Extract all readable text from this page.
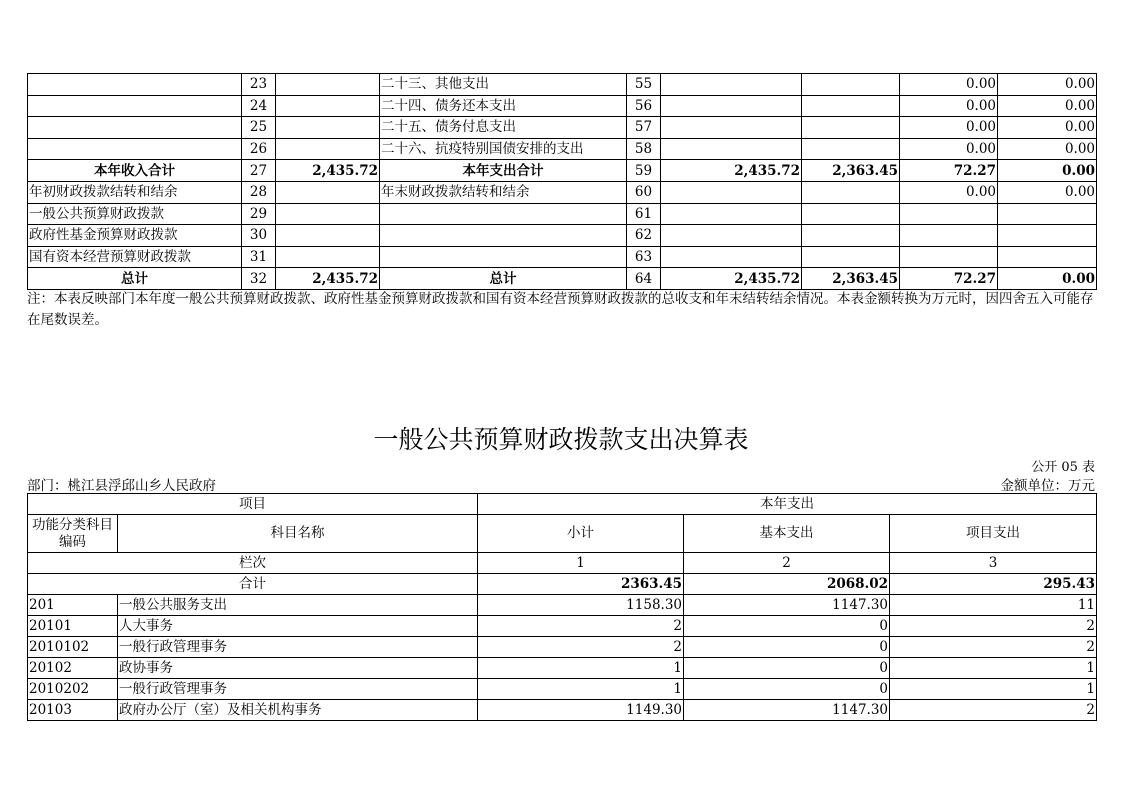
	23		二十三、其他支出	55			0.00	0.00
	24		二十四、债务还本支出	56			0.00	0.00
	25		二十五、债务付息支出	57			0.00	0.00
	26		二十六、抗疫特别国债安排的支出	58			0.00	0.00
本年收入合计	27	2,435.72	本年支出合计	59	2,435.72	2,363.45	72.27	0.00
年初财政拨款结转和结余	28		年末财政拨款结转和结余	60			0.00	0.00
一般公共预算财政拨款	29			61				
政府性基金预算财政拨款	30			62				
国有资本经营预算财政拨款	31			63				
总计	32	2,435.72	总计	64	2,435.72	2,363.45	72.27	0.00
注：本表反映部门本年度一般公共预算财政拨款、政府性基金预算财政拨款和国有资本经营预算财政拨款的总收支和年末结转结余情况。本表金额转换为万元时，因四舍五入可能存在尾数误差。
一般公共预算财政拨款支出决算表
公开 05 表
部门：桃江县浮邱山乡人民政府	金额单位：万元
项目		本年支出		
功能分类科目编码	科目名称	小计	基本支出	项目支出
栏次		1	2	3
合计		2363.45	2068.02	295.43
201	一般公共服务支出	1158.30	1147.30	11
20101	人大事务	2	0	2
2010102	一般行政管理事务	2	0	2
20102	政协事务	1	0	1
2010202	一般行政管理事务	1	0	1
20103	政府办公厅（室）及相关机构事务	1149.30	1147.30	2
